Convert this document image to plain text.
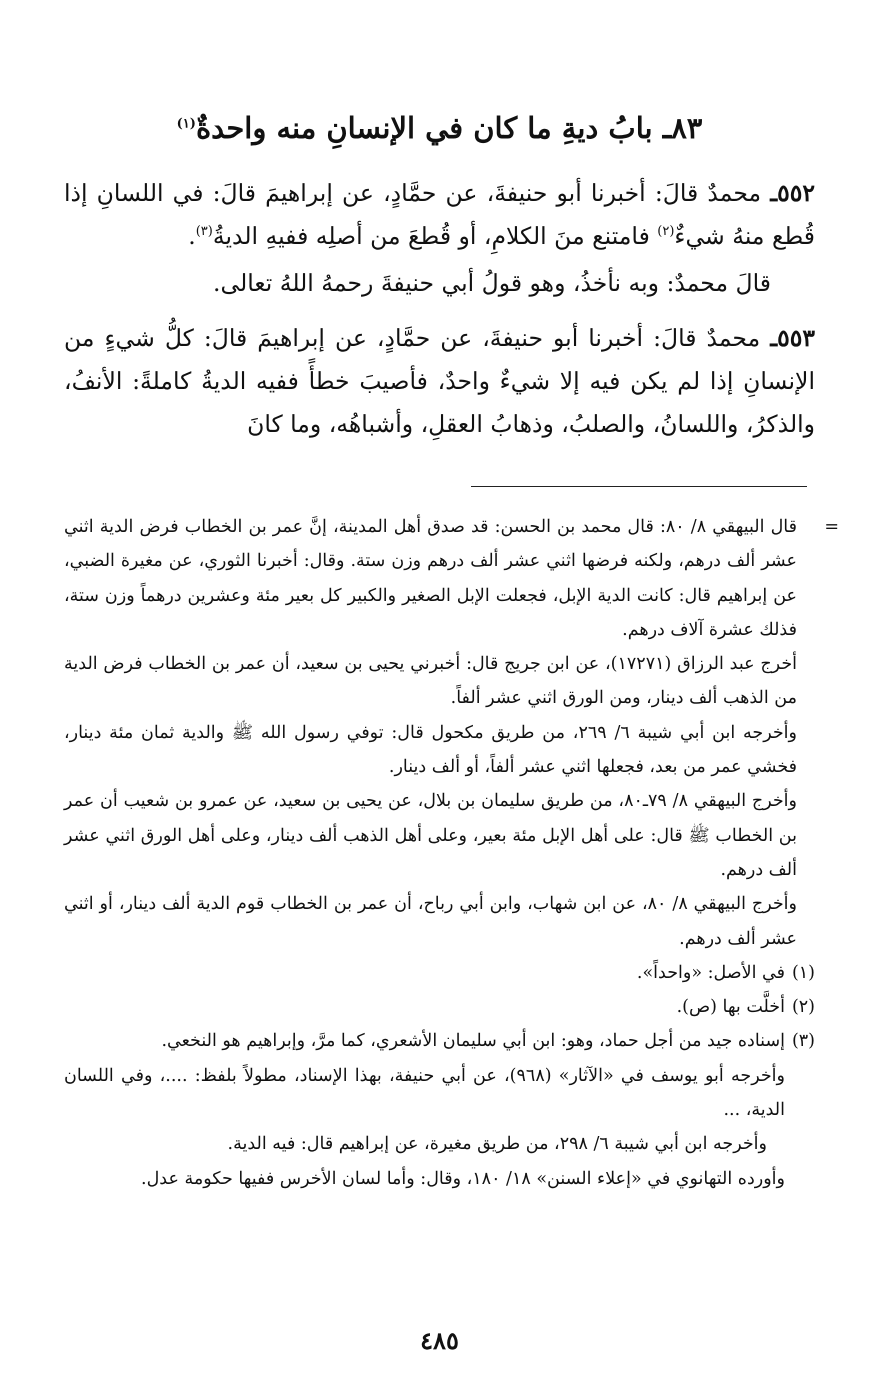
٨٣ـ بابُ ديةِ ما كان في الإنسانِ منه واحدةٌ$^{(١)}$

٥٥٢ـ محمدٌ قالَ: أخبرنا أبو حنيفةَ، عن حمَّادٍ، عن إبراهيمَ قالَ: في اللسانِ إذا قُطع منهُ شيءٌ$^{(٢)}$ فامتنع منَ الكلامِ، أو قُطعَ من أصلِه ففيهِ الديةُ$^{(٣)}$.

قالَ محمدٌ: وبه نأخذُ، وهو قولُ أبي حنيفةَ رحمهُ اللهُ تعالى.

٥٥٣ـ محمدٌ قالَ: أخبرنا أبو حنيفةَ، عن حمَّادٍ، عن إبراهيمَ قالَ: كلُّ شيءٍ من الإنسانِ إذا لم يكن فيه إلا شيءٌ واحدٌ، فأصيبَ خطأً ففيه الديةُ كاملةً: الأنفُ، والذكرُ، واللسانُ، والصلبُ، وذهابُ العقلِ، وأشباهُه، وما كانَ

=
قال البيهقي ٨/ ٨٠: قال محمد بن الحسن: قد صدق أهل المدينة، إنَّ عمر بن الخطاب فرض الدية اثني عشر ألف درهم، ولكنه فرضها اثني عشر ألف درهم وزن ستة. وقال: أخبرنا الثوري، عن مغيرة الضبي، عن إبراهيم قال: كانت الدية الإبل، فجعلت الإبل الصغير والكبير كل بعير مئة وعشرين درهماً وزن ستة، فذلك عشرة آلاف درهم.

أخرج عبد الرزاق (١٧٢٧١)، عن ابن جريج قال: أخبرني يحيى بن سعيد، أن عمر بن الخطاب فرض الدية من الذهب ألف دينار، ومن الورق اثني عشر ألفاً.

وأخرجه ابن أبي شيبة ٦/ ٢٦٩، من طريق مكحول قال: توفي رسول الله ﷺ والدية ثمان مئة دينار، فخشي عمر من بعد، فجعلها اثني عشر ألفاً، أو ألف دينار.

وأخرج البيهقي ٨/ ٧٩ـ٨٠، من طريق سليمان بن بلال، عن يحيى بن سعيد، عن عمرو بن شعيب أن عمر بن الخطاب ﷺ قال: على أهل الإبل مئة بعير، وعلى أهل الذهب ألف دينار، وعلى أهل الورق اثني عشر ألف درهم.

وأخرج البيهقي ٨/ ٨٠، عن ابن شهاب، وابن أبي رباح، أن عمر بن الخطاب قوم الدية ألف دينار، أو اثني عشر ألف درهم.

(١)
في الأصل: «واحداً».

(٢)
أخلَّت بها (ص).

(٣)
إسناده جيد من أجل حماد، وهو: ابن أبي سليمان الأشعري، كما مرَّ، وإبراهيم هو النخعي.

وأخرجه أبو يوسف في «الآثار» (٩٦٨)، عن أبي حنيفة، بهذا الإسناد، مطولاً بلفظ: ....، وفي اللسان الدية، ...

وأخرجه ابن أبي شيبة ٦/ ٢٩٨، من طريق مغيرة، عن إبراهيم قال: فيه الدية.

وأورده التهانوي في «إعلاء السنن» ١٨/ ١٨٠، وقال: وأما لسان الأخرس ففيها حكومة عدل.

٤٨٥
